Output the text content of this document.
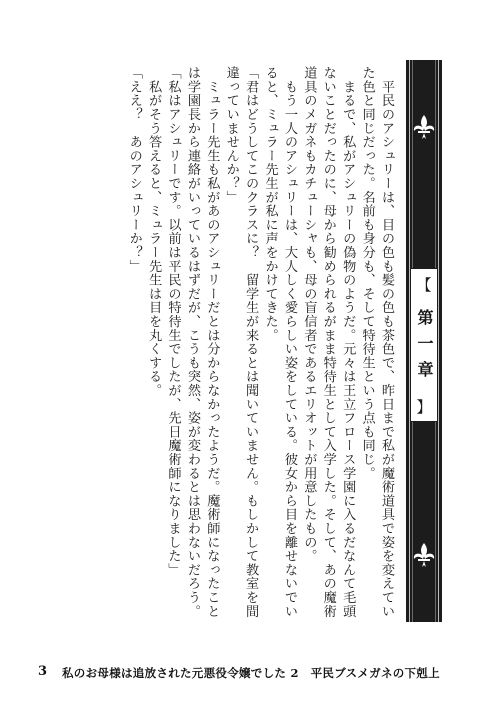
　平民のアシュリーは、目の色も髪の色も茶色で、昨日まで私が魔術道具で姿を変えていた色と同じだった。名前も身分も、そして特待生という点も同じ。

　まるで、私がアシュリーの偽物のようだ。元々は王立フロース学園に入るだなんて毛頭ないことだったのに、母から勧められるがまま特待生として入学した。そして、あの魔術道具のメガネもカチューシャも、母の盲信者であるエリオットが用意したもの。

　もう一人のアシュリーは、大人しく愛らしい姿をしている。彼女から目を離せないでいると、ミュラー先生が私に声をかけてきた。

「君はどうしてこのクラスに？　留学生が来るとは聞いていません。もしかして教室を間違っていませんか？」

　ミュラー先生も私があのアシュリーだとは分からなかったようだ。魔術師になったことは学園長から連絡がいっているはずだが、こうも突然、姿が変わるとは思わないだろう。

「私はアシュリーです。以前は平民の特待生でしたが、先日魔術師になりました」

　私がそう答えると、ミュラー先生は目を丸くする。

「ええ？　あのアシュリーか？」

【
第一章
】
3 私のお母様は追放された元悪役令嬢でした 2　平民ブスメガネの下剋上
